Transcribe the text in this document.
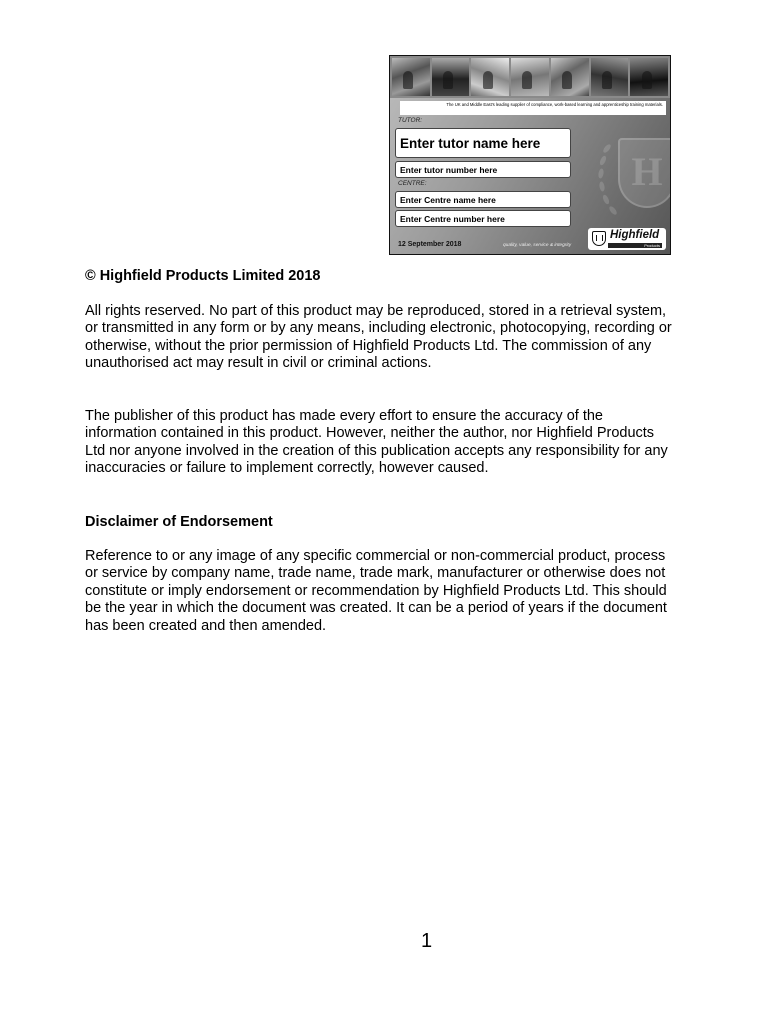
The UK and Middle East's leading supplier of compliance, work-based learning and apprenticeship training materials.
H
TUTOR:
Enter tutor name here
Enter tutor number here
CENTRE:
Enter Centre name here
Enter Centre number here
12 September 2018	quality, value, service & integrity
Highfield
Products

© Highfield Products Limited 2018

All rights reserved. No part of this product may be reproduced, stored in a retrieval system, or transmitted in any form or by any means, including electronic, photocopying, recording or otherwise, without the prior permission of Highfield Products Ltd. The commission of any unauthorised act may result in civil or criminal actions.

The publisher of this product has made every effort to ensure the accuracy of the information contained in this product. However, neither the author, nor Highfield Products Ltd nor anyone involved in the creation of this publication accepts any responsibility for any inaccuracies or failure to implement correctly, however caused.

Disclaimer of Endorsement

Reference to or any image of any specific commercial or non-commercial product, process or service by company name, trade name, trade mark, manufacturer or otherwise does not constitute or imply endorsement or recommendation by Highfield Products Ltd. This should be the year in which the document was created. It can be a period of years if the document has been created and then amended.

1
